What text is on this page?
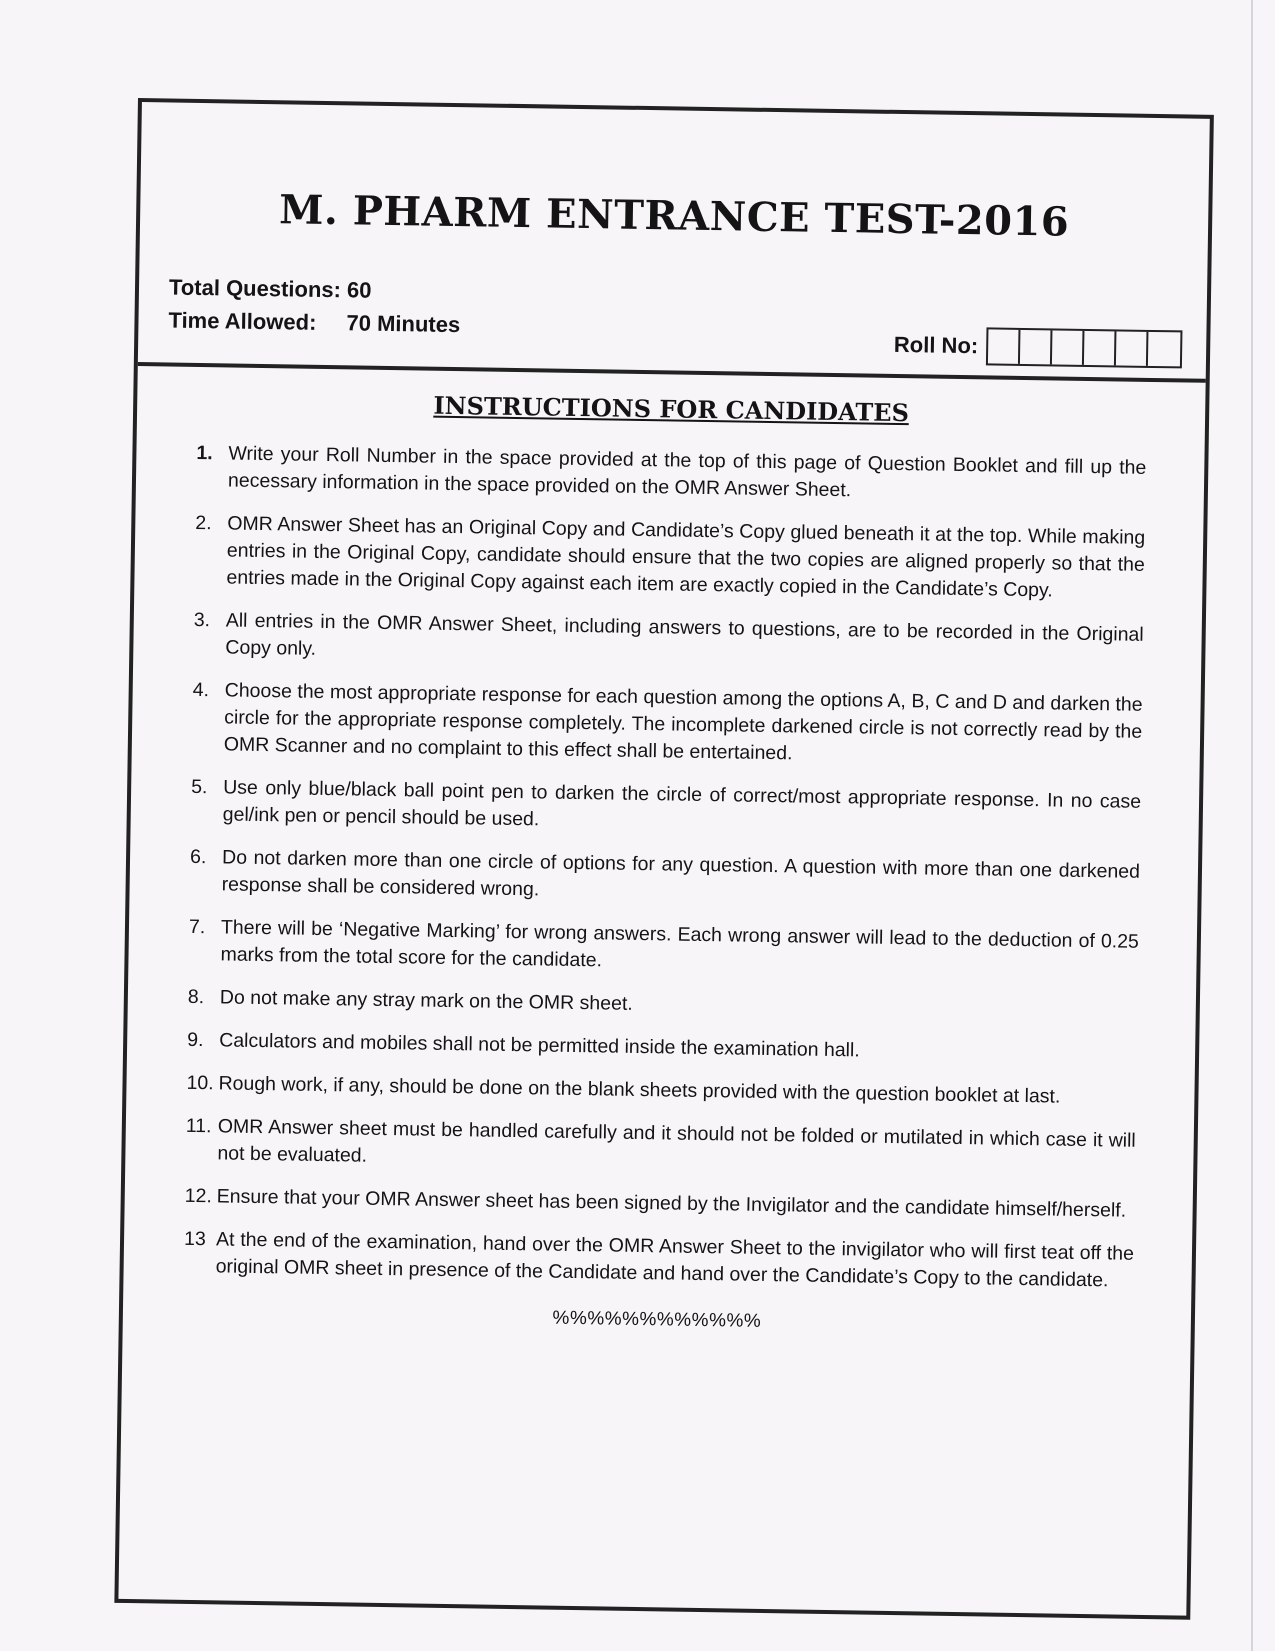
M. PHARM ENTRANCE TEST-2016
Total Questions: 60
Time Allowed: 70 Minutes
Roll No:
INSTRUCTIONS FOR CANDIDATES
1. Write your Roll Number in the space provided at the top of this page of Question Booklet and fill up the necessary information in the space provided on the OMR Answer Sheet.
2. OMR Answer Sheet has an Original Copy and Candidate’s Copy glued beneath it at the top. While making entries in the Original Copy, candidate should ensure that the two copies are aligned properly so that the entries made in the Original Copy against each item are exactly copied in the Candidate’s Copy.
3. All entries in the OMR Answer Sheet, including answers to questions, are to be recorded in the Original Copy only.
4. Choose the most appropriate response for each question among the options A, B, C and D and darken the circle for the appropriate response completely. The incomplete darkened circle is not correctly read by the OMR Scanner and no complaint to this effect shall be entertained.
5. Use only blue/black ball point pen to darken the circle of correct/most appropriate response. In no case gel/ink pen or pencil should be used.
6. Do not darken more than one circle of options for any question. A question with more than one darkened response shall be considered wrong.
7. There will be ‘Negative Marking’ for wrong answers. Each wrong answer will lead to the deduction of 0.25 marks from the total score for the candidate.
8. Do not make any stray mark on the OMR sheet.
9. Calculators and mobiles shall not be permitted inside the examination hall.
10. Rough work, if any, should be done on the blank sheets provided with the question booklet at last.
11. OMR Answer sheet must be handled carefully and it should not be folded or mutilated in which case it will not be evaluated.
12. Ensure that your OMR Answer sheet has been signed by the Invigilator and the candidate himself/herself.
13 At the end of the examination, hand over the OMR Answer Sheet to the invigilator who will first teat off the original OMR sheet in presence of the Candidate and hand over the Candidate’s Copy to the candidate.
%%%%%%%%%%%%
